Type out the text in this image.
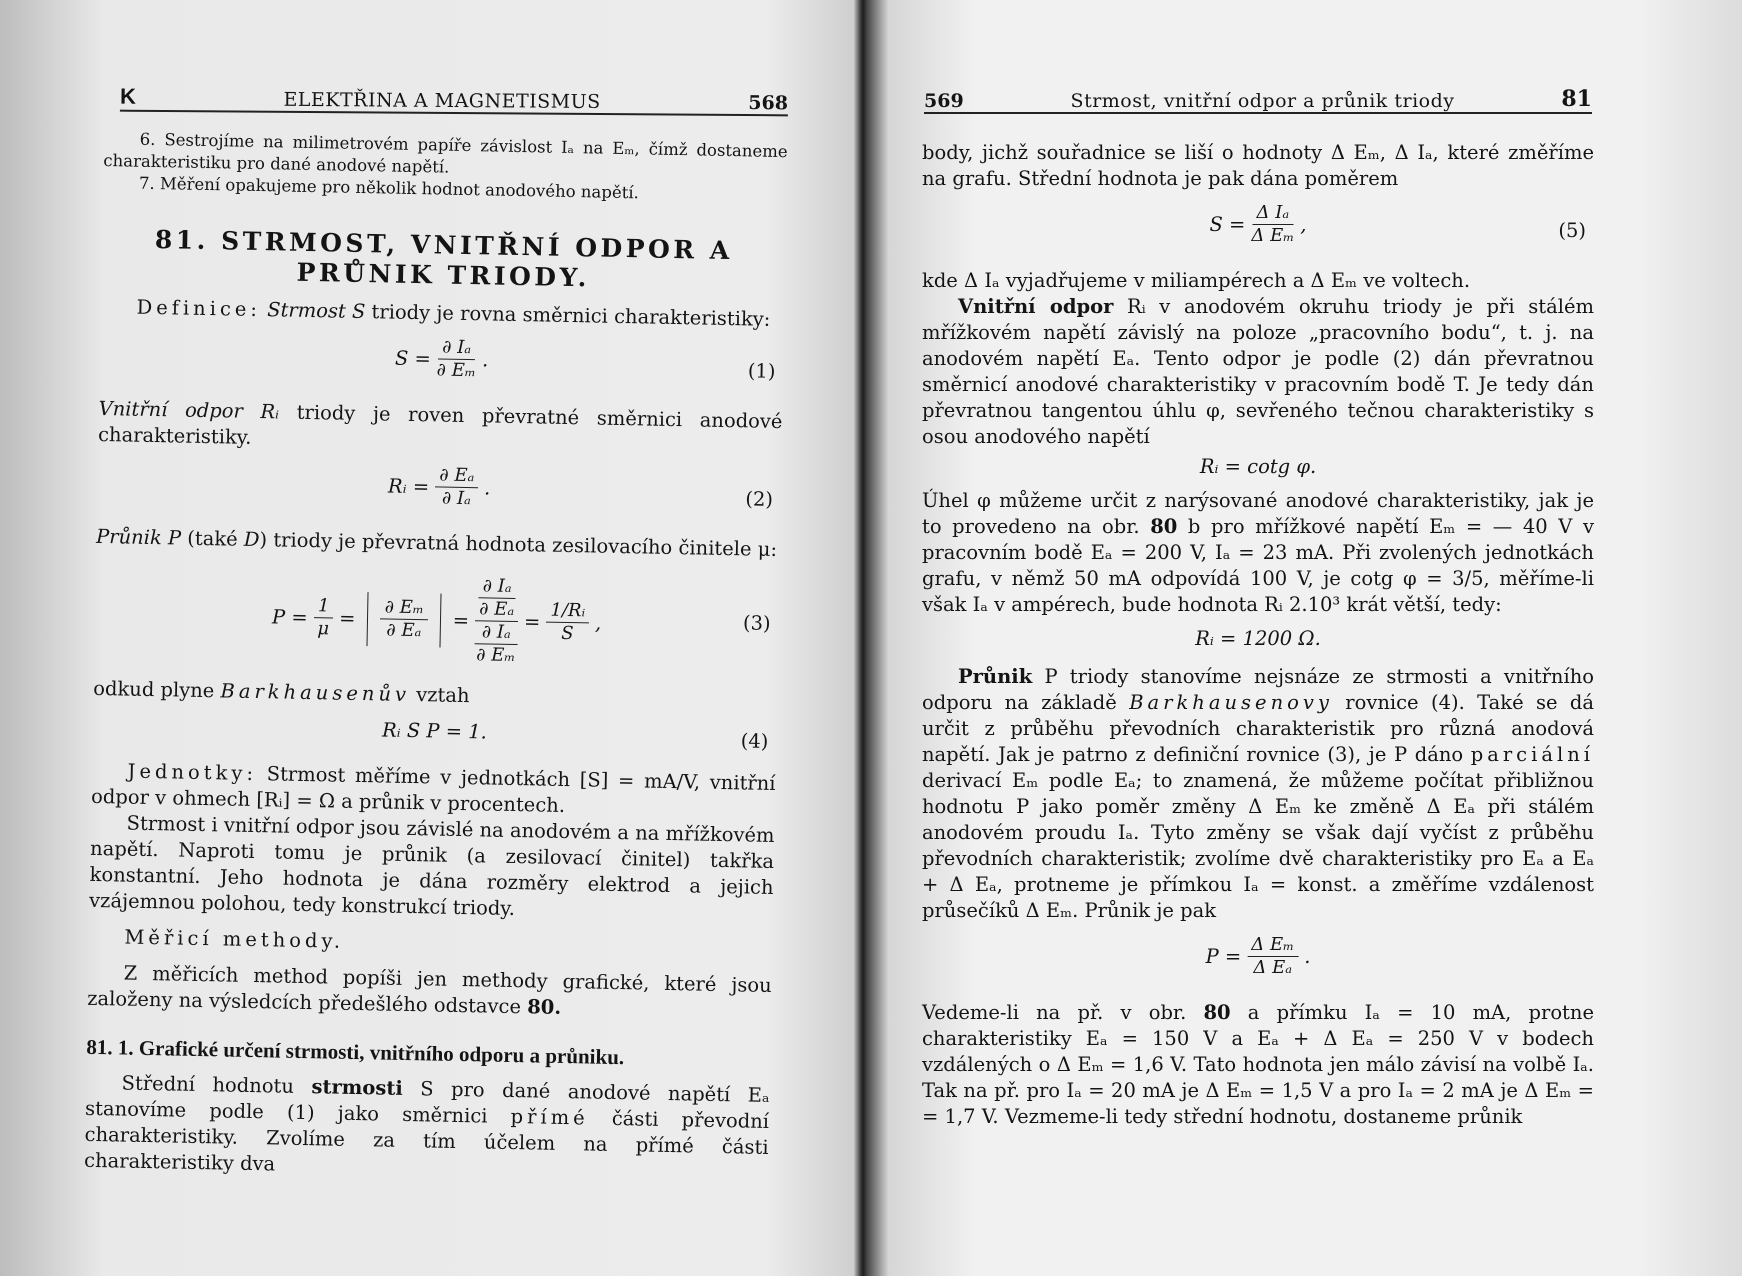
K	ELEKTŘINA A MAGNETISMUS	568

6. Sestrojíme na milimetrovém papíře závislost Iₐ na Eₘ, čímž dostaneme charakteristiku pro dané anodové napětí.

7. Měření opakujeme pro několik hodnot anodového napětí.

81. STRMOST, VNITŘNÍ ODPOR A PRŮNIK TRIODY.

Definice: Strmost S triody je rovna směrnici charakteristiky:

$S = \frac{\text{∂ Iₐ}}{\text{∂ Eₘ}}$ .
(1)

Vnitřní odpor Rᵢ triody je roven převratné směrnici anodové charakteristiky.

Rᵢ = $\frac{\text{∂ Eₐ}}{\text{∂ Iₐ}}$ .	(2)

Průnik P (také D) triody je převratná hodnota zesilovacího činitele μ:

$P = \frac{1}{\mu} = \frac{\text{∂ Eₘ}}{\text{∂ Eₐ}}$ =
∂ Iₐ
$\frac{\text{∂ Eₐ}}{\text{∂ Iₐ}}$
∂ Eₘ
= $\frac{\text{1/Rᵢ}}{S}$ ,	(3)

odkud plyne Barkhausenův vztah

Rᵢ S P = 1.	(4)

Jednotky: Strmost měříme v jednotkách [S] = mA/V, vnitřní odpor v ohmech [Rᵢ] = Ω a průnik v procentech.

Strmost i vnitřní odpor jsou závislé na anodovém a na mřížkovém napětí. Naproti tomu je průnik (a zesilovací činitel) takřka konstantní. Jeho hodnota je dána rozměry elektrod a jejich vzájemnou polohou, tedy konstrukcí triody.

Měřicí methody.

Z měřicích method popíši jen methody grafické, které jsou založeny na výsledcích předešlého odstavce 80.

81. 1. Grafické určení strmosti, vnitřního odporu a průniku.

Střední hodnotu strmosti S pro dané anodové napětí Eₐ stanovíme podle (1) jako směrnici přímé části převodní charakteristiky. Zvolíme za tím účelem na přímé části charakteristiky dva

569	Strmost, vnitřní odpor a průnik triody	81

body, jichž souřadnice se liší o hodnoty Δ Eₘ, Δ Iₐ, které změříme na grafu. Střední hodnota je pak dána poměrem

$S = \frac{\text{Δ Iₐ}}{\text{Δ Eₘ}}$ ,	(5)

kde Δ Iₐ vyjadřujeme v miliampérech a Δ Eₘ ve voltech.

Vnitřní odpor Rᵢ v anodovém okruhu triody je při stálém mřížkovém napětí závislý na poloze „pracovního bodu“, t. j. na anodovém napětí Eₐ. Tento odpor je podle (2) dán převratnou směrnicí anodové charakteristiky v pracovním bodě T. Je tedy dán převratnou tangentou úhlu φ, sevřeného tečnou charakteristiky s osou anodového napětí

Rᵢ = cotg φ.

Úhel φ můžeme určit z narýsované anodové charakteristiky, jak je to provedeno na obr. 80 b pro mřížkové napětí Eₘ = — 40 V v pracovním bodě Eₐ = 200 V, Iₐ = 23 mA. Při zvolených jednotkách grafu, v němž 50 mA odpovídá 100 V, je cotg φ = 3/5, měříme-li však Iₐ v ampérech, bude hodnota Rᵢ 2.10³ krát větší, tedy:

Rᵢ = 1200 Ω.

Průnik P triody stanovíme nejsnáze ze strmosti a vnitřního odporu na základě Barkhausenovy rovnice (4). Také se dá určit z průběhu převodních charakteristik pro různá anodová napětí. Jak je patrno z definiční rovnice (3), je P dáno parciální derivací Eₘ podle Eₐ; to znamená, že můžeme počítat přibližnou hodnotu P jako poměr změny Δ Eₘ ke změně Δ Eₐ při stálém anodovém proudu Iₐ. Tyto změny se však dají vyčíst z průběhu převodních charakteristik; zvolíme dvě charakteristiky pro Eₐ a Eₐ + Δ Eₐ, protneme je přímkou Iₐ = konst. a změříme vzdálenost průsečíků Δ Eₘ. Průnik je pak

$P = \frac{\text{Δ Eₘ}}{\text{Δ Eₐ}}$ .

Vedeme-li na př. v obr. 80 a přímku Iₐ = 10 mA, protne charakteristiky Eₐ = 150 V a Eₐ + Δ Eₐ = 250 V v bodech vzdálených o Δ Eₘ = 1,6 V. Tato hodnota jen málo závisí na volbě Iₐ. Tak na př. pro Iₐ = 20 mA je Δ Eₘ = 1,5 V a pro Iₐ = 2 mA je Δ Eₘ = = 1,7 V. Vezmeme-li tedy střední hodnotu, dostaneme průnik
